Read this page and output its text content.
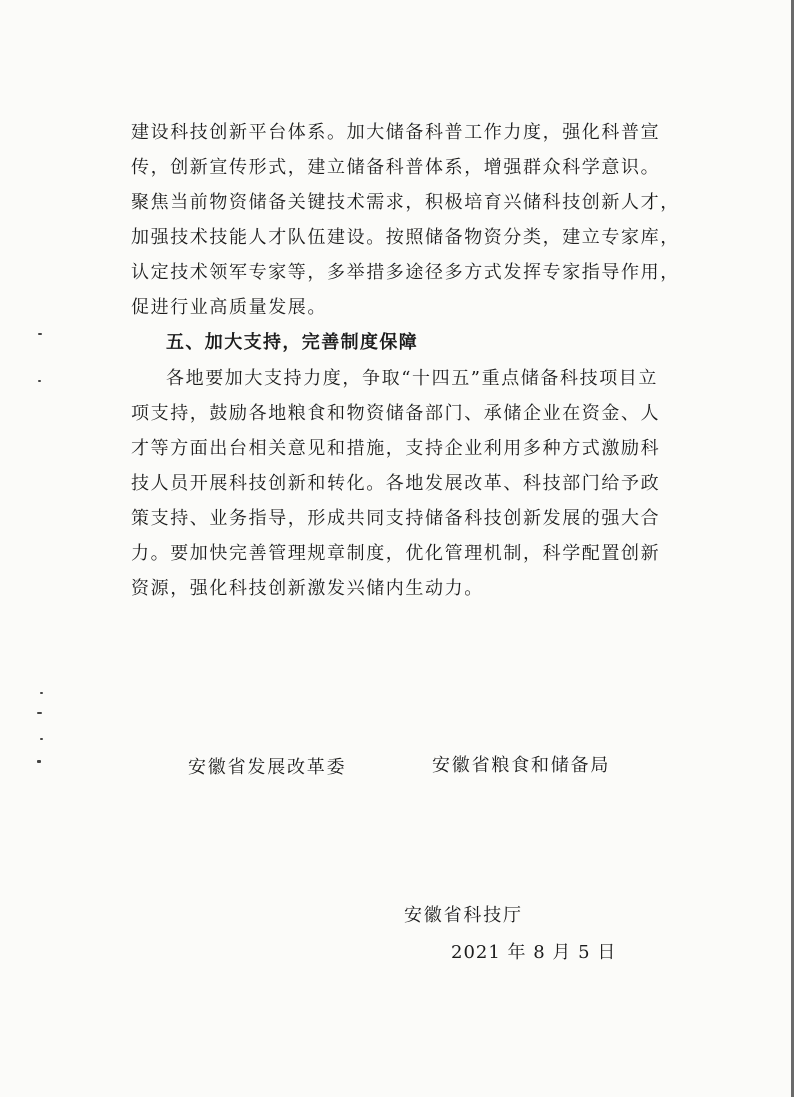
建设科技创新平台体系。加大储备科普工作力度，强化科普宣
传，创新宣传形式，建立储备科普体系，增强群众科学意识。
聚焦当前物资储备关键技术需求，积极培育兴储科技创新人才，
加强技术技能人才队伍建设。按照储备物资分类，建立专家库，
认定技术领军专家等，多举措多途径多方式发挥专家指导作用，
促进行业高质量发展。
五、加大支持，完善制度保障
各地要加大支持力度，争取“十四五”重点储备科技项目立
项支持，鼓励各地粮食和物资储备部门、承储企业在资金、人
才等方面出台相关意见和措施，支持企业利用多种方式激励科
技人员开展科技创新和转化。各地发展改革、科技部门给予政
策支持、业务指导，形成共同支持储备科技创新发展的强大合
力。要加快完善管理规章制度，优化管理机制，科学配置创新
资源，强化科技创新激发兴储内生动力。
安徽省发展改革委	安徽省粮食和储备局
安徽省科技厅
2021 年 8 月 5 日
